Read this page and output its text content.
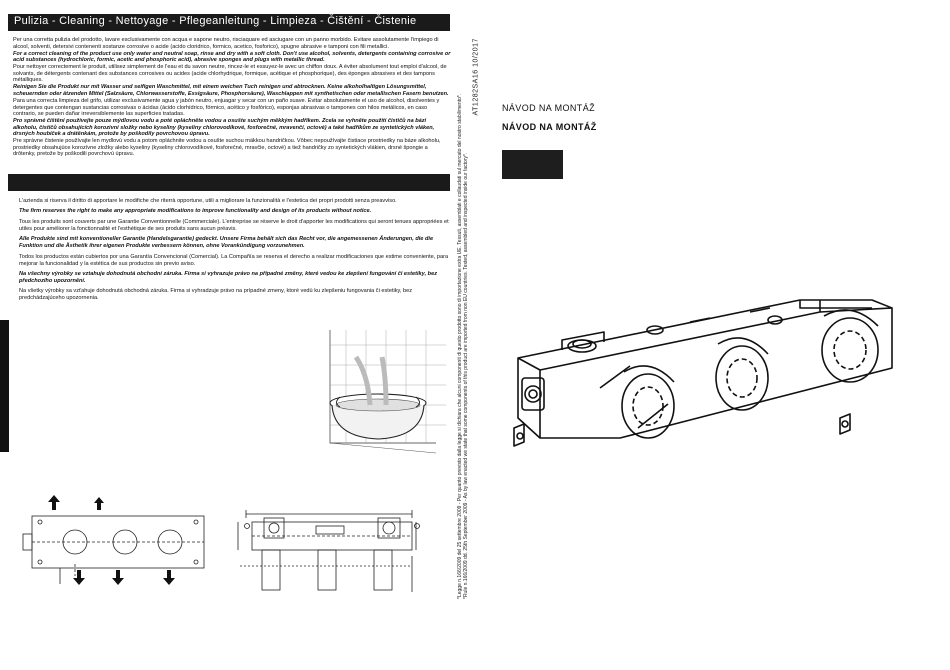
Pulizia - Cleaning - Nettoyage - Pflegeanleitung - Limpieza - Čištění - Čistenie

Per una corretta pulizia del prodotto, lavare esclusivamente con acqua e sapone neutro, risciaquare ed asciugare con un panno morbido. Evitare assolutamente l'impiego di alcool, solventi, detersivi contenenti sostanze corrosive o acide (acido cloridrico, formico, acetico, fosforico), spugne abrasive e tamponi con fili metallici.

For a correct cleaning of the product use only water and neutral soap, rinse and dry with a soft cloth. Don't use alcohol, solvents, detergents containing corrosive or acid substances (hydrochloric, formic, acetic and phosphoric acid), abrasive sponges and plugs with metallic thread.

Pour nettoyer correctement le produit, utilisez simplement de l'eau et du savon neutre, rincez-le et essuyez-le avec un chiffon doux. A éviter absolument tout emploi d'alcool, de solvants, de détergents contenant des substances corrosives ou acides (acide chlorhydrique, formique, acétique et phosphorique), des éponges abrasives et des tampons métalliques.

Reinigen Sie die Produkt nur mit Wasser und seifigen Waschmittel, mit einem weichen Tuch reinigen und abtrocknen. Keine alkoholhaltigen Lösungsmittel, scheuernden oder ätzenden Mittel (Salzsäure, Chlorwasserstoffe, Essigsäure, Phosphorsäure), Waschlappen mit synthetischen oder metallischen Fasern benutzen.

Para una correcta limpieza del grifo, utilizar exclusivamente agua y jabón neutro, enjuagar y secar con un paño suave. Evitar absolutamente el uso de alcohol, disolventes y detergentes que contengan sustancias corrosivas o ácidas (ácido clorhídrico, fórmico, acético y fosfórico), esponjas abrasivas o tampones con hilos metálicos, en caso contrario, se pueden dañar irreversiblemente las superficies tratadas.

Pro správné čištění používejte pouze mýdlovou vodu a poté opláchněte vodou a osušte suchým měkkým hadříkem. Zcela se vyhněte použití čističů na bázi alkoholu, čističů obsahujících korozivní složky nebo kyseliny (kyseliny chlorovodíkové, fosforečné, mravenčí, octové) a také hadříkům ze syntetických vláken, drsných houbiček a drátěnkám, protože by poškodily povrchovou úpravu.

Pre správne čistenie používajte len mydlovú vodu a potom opláchnite vodou a osušte suchou mäkkou handričkou. Vôbec nepoužívajte čistiace prostriedky na báze alkoholu, prostriedky obsahujúce korozívne zložky alebo kyseliny (kyseliny chlorovodíkové, fosforečné, mravčie, octové) a tiež handričky zo syntetických vlákien, drsné špongie a drôtenky, pretože by poškodili povrchovú úpravu.

L'azienda si riserva il diritto di apportare le modifiche che riterrà opportune, utili a migliorare la funzionalità e l'estetica dei propri prodotti senza preavviso.

The firm reserves the right to make any appropriate modifications to improve functionality and design of its products without notice.

Tous les produits sont couverts par une Garantie Conventionnelle (Commerciale). L'entreprise se réserve le droit d'apporter les modifications qui seront tenues appropriées et utiles pour améliorer la fonctionnalité et l'esthétique de ses produits sans aucun préavis.

Alle Produkte sind mit konventioneller Garantie (Handelsgarantie) gedeckt. Unsere Firma behält sich das Recht vor, die angemessenen Änderungen, die die Funktion und die Ästhetik ihrer eigenen Produkte verbessern können, ohne Vorankündigung vorzunehmen.

Todos los productos están cubiertos por una Garantía Convencional (Comercial). La Compañía se reserva el derecho a realizar modificaciones que estime conveniente, para mejorar la funcionalidad y la estética de sus productos sin previo aviso.

Na všechny výrobky se vztahuje dohodnutá obchodní záruka. Firma si vyhrazuje právo na případné změny, které vedou ke zlepšení fungování či estetiky, bez předchozího upozornění.

Na všetky výrobky sa vzťahuje dohodnutá obchodná záruka. Firma si vyhradzuje právo na prípadné zmeny, ktoré vedú ku zlepšeniu fungovania či estetiky, bez predchádzajúceho upozornenia.

AT1282SA16 10/2017

*Legge n.166/2009 del 25 settembre 2009 - Per quanto previsto dalla legge si dichiara che alcuni componenti di questo prodotto sono di importazione extra UE. Tessuti, assemblati e collaudati sul mercato del nostro stabilimento*. *Rule n.166/2009 dd. 25th September 2009 - As by law enacted we state that some components of this product are imported from non EU countries. Tested, assembled and inspected inside our factory*.

NÁVOD NA MONTÁŽ
NÁVOD NA MONTÁŽ
